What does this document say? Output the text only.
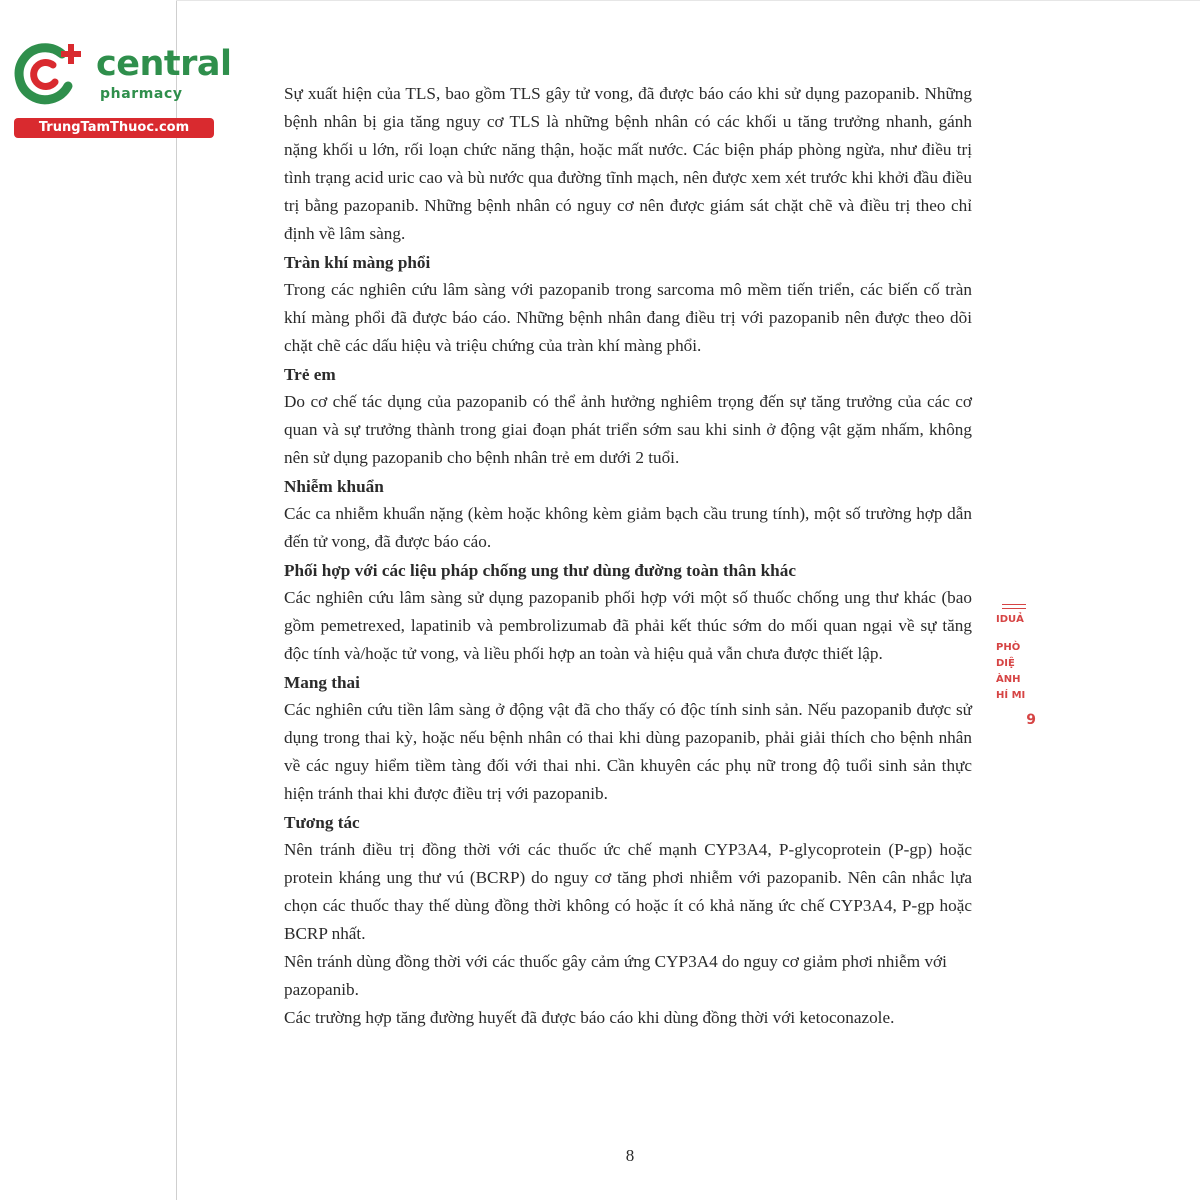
central
pharmacy
TrungTamThuoc.com

Sự xuất hiện của TLS, bao gồm TLS gây tử vong, đã được báo cáo khi sử dụng pazopanib. Những bệnh nhân bị gia tăng nguy cơ TLS là những bệnh nhân có các khối u tăng trưởng nhanh, gánh nặng khối u lớn, rối loạn chức năng thận, hoặc mất nước. Các biện pháp phòng ngừa, như điều trị tình trạng acid uric cao và bù nước qua đường tĩnh mạch, nên được xem xét trước khi khởi đầu điều trị bằng pazopanib. Những bệnh nhân có nguy cơ nên được giám sát chặt chẽ và điều trị theo chỉ định về lâm sàng.

Tràn khí màng phổi

Trong các nghiên cứu lâm sàng với pazopanib trong sarcoma mô mềm tiến triển, các biến cố tràn khí màng phổi đã được báo cáo. Những bệnh nhân đang điều trị với pazopanib nên được theo dõi chặt chẽ các dấu hiệu và triệu chứng của tràn khí màng phổi.

Trẻ em

Do cơ chế tác dụng của pazopanib có thể ảnh hưởng nghiêm trọng đến sự tăng trưởng của các cơ quan và sự trưởng thành trong giai đoạn phát triển sớm sau khi sinh ở động vật gặm nhấm, không nên sử dụng pazopanib cho bệnh nhân trẻ em dưới 2 tuổi.

Nhiễm khuẩn

Các ca nhiễm khuẩn nặng (kèm hoặc không kèm giảm bạch cầu trung tính), một số trường hợp dẫn đến tử vong, đã được báo cáo.

Phối hợp với các liệu pháp chống ung thư dùng đường toàn thân khác

Các nghiên cứu lâm sàng sử dụng pazopanib phối hợp với một số thuốc chống ung thư khác (bao gồm pemetrexed, lapatinib và pembrolizumab đã phải kết thúc sớm do mối quan ngại về sự tăng độc tính và/hoặc tử vong, và liều phối hợp an toàn và hiệu quả vẫn chưa được thiết lập.

Mang thai

Các nghiên cứu tiền lâm sàng ở động vật đã cho thấy có độc tính sinh sản. Nếu pazopanib được sử dụng trong thai kỳ, hoặc nếu bệnh nhân có thai khi dùng pazopanib, phải giải thích cho bệnh nhân về các nguy hiểm tiềm tàng đối với thai nhi. Cần khuyên các phụ nữ trong độ tuổi sinh sản thực hiện tránh thai khi được điều trị với pazopanib.

Tương tác

Nên tránh điều trị đồng thời với các thuốc ức chế mạnh CYP3A4, P-glycoprotein (P-gp) hoặc protein kháng ung thư vú (BCRP) do nguy cơ tăng phơi nhiễm với pazopanib. Nên cân nhắc lựa chọn các thuốc thay thế dùng đồng thời không có hoặc ít có khả năng ức chế CYP3A4, P-gp hoặc BCRP nhất.

Nên tránh dùng đồng thời với các thuốc gây cảm ứng CYP3A4 do nguy cơ giảm phơi nhiễm với pazopanib.

Các trường hợp tăng đường huyết đã được báo cáo khi dùng đồng thời với ketoconazole.

IDUẢ
PHÒ
DIỆ
ÀNH
HÍ MI
9
8
